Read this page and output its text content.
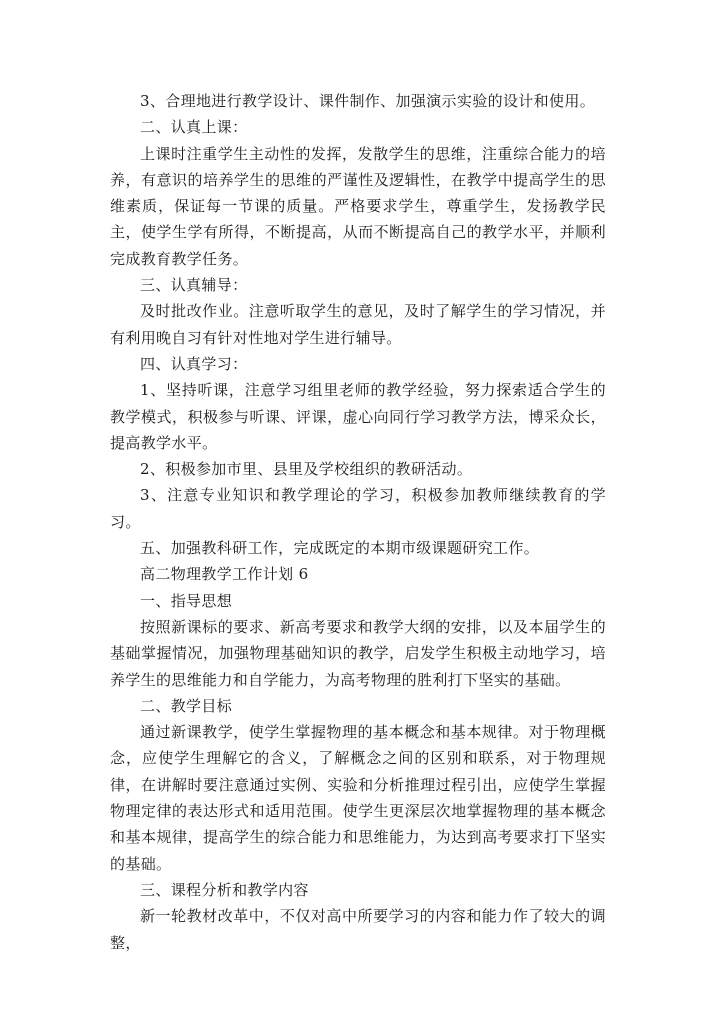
3、合理地进行教学设计、课件制作、加强演示实验的设计和使用。

二、认真上课：

上课时注重学生主动性的发挥，发散学生的思维，注重综合能力的培养，有意识的培养学生的思维的严谨性及逻辑性，在教学中提高学生的思维素质，保证每一节课的质量。严格要求学生，尊重学生，发扬教学民主，使学生学有所得，不断提高，从而不断提高自己的教学水平，并顺利完成教育教学任务。

三、认真辅导：

及时批改作业。注意听取学生的意见，及时了解学生的学习情况，并有利用晚自习有针对性地对学生进行辅导。

四、认真学习：

1、坚持听课，注意学习组里老师的教学经验，努力探索适合学生的教学模式，积极参与听课、评课，虚心向同行学习教学方法，博采众长，提高教学水平。

2、积极参加市里、县里及学校组织的教研活动。

3、注意专业知识和教学理论的学习，积极参加教师继续教育的学习。

五、加强教科研工作，完成既定的本期市级课题研究工作。

高二物理教学工作计划 6

一、指导思想

按照新课标的要求、新高考要求和教学大纲的安排，以及本届学生的基础掌握情况，加强物理基础知识的教学，启发学生积极主动地学习，培养学生的思维能力和自学能力，为高考物理的胜利打下坚实的基础。

二、教学目标

通过新课教学，使学生掌握物理的基本概念和基本规律。对于物理概念，应使学生理解它的含义，了解概念之间的区别和联系，对于物理规律，在讲解时要注意通过实例、实验和分析推理过程引出，应使学生掌握物理定律的表达形式和适用范围。使学生更深层次地掌握物理的基本概念和基本规律，提高学生的综合能力和思维能力，为达到高考要求打下坚实的基础。

三、课程分析和教学内容

新一轮教材改革中，不仅对高中所要学习的内容和能力作了较大的调整，
